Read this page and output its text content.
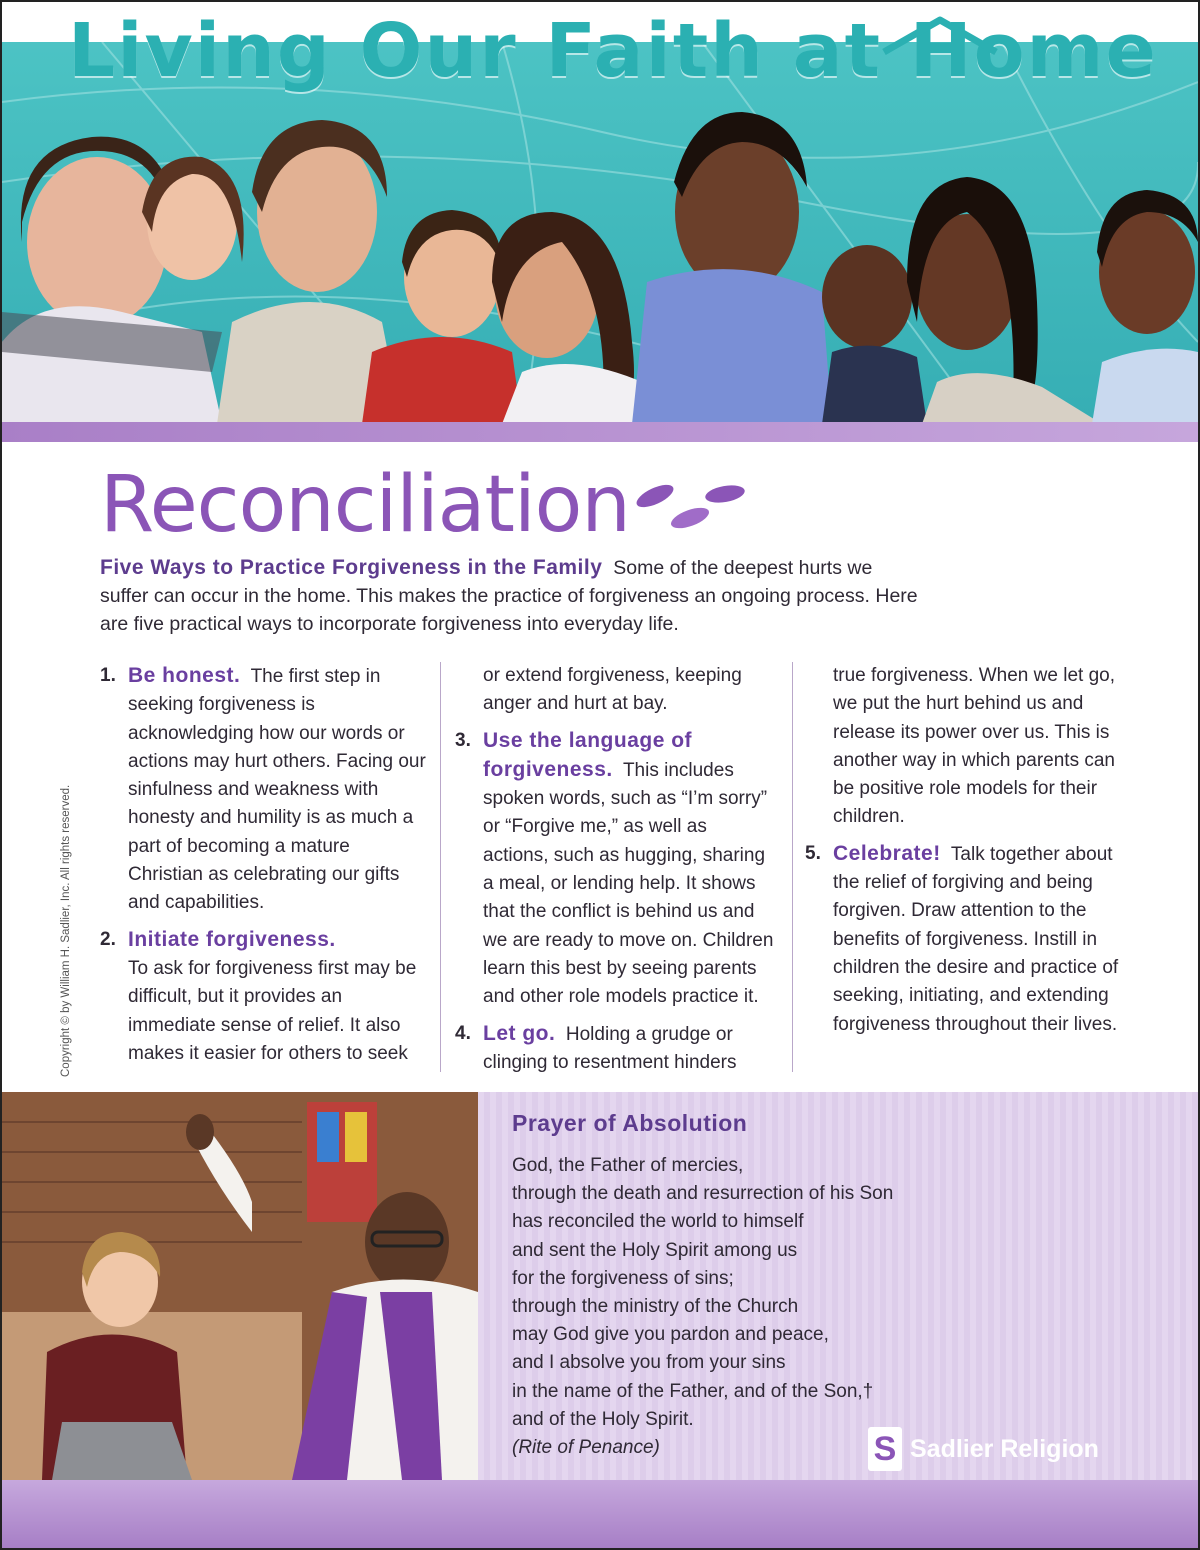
Living Our Faith at Home
Reconciliation
Five Ways to Practice Forgiveness in the Family Some of the deepest hurts we suffer can occur in the home. This makes the practice of forgiveness an ongoing process. Here are five practical ways to incorporate forgiveness into everyday life.
Copyright © by William H. Sadlier, Inc. All rights reserved.
1. Be honest. The first step in seeking forgiveness is acknowledging how our words or actions may hurt others. Facing our sinfulness and weakness with honesty and humility is as much a part of becoming a mature Christian as celebrating our gifts and capabilities.
2. Initiate forgiveness.
To ask for forgiveness first may be difficult, but it provides an immediate sense of relief. It also makes it easier for others to seek
or extend forgiveness, keeping anger and hurt at bay.
3. Use the language of forgiveness. This includes spoken words, such as “I’m sorry” or “Forgive me,” as well as actions, such as hugging, sharing a meal, or lending help. It shows that the conflict is behind us and we are ready to move on. Children learn this best by seeing parents and other role models practice it.
4. Let go. Holding a grudge or clinging to resentment hinders
true forgiveness. When we let go, we put the hurt behind us and release its power over us. This is another way in which parents can be positive role models for their children.
5. Celebrate! Talk together about the relief of forgiving and being forgiven. Draw attention to the benefits of forgiveness. Instill in children the desire and practice of seeking, initiating, and extending forgiveness throughout their lives.
Prayer of Absolution
God, the Father of mercies,
through the death and resurrection of his Son
has reconciled the world to himself
and sent the Holy Spirit among us
for the forgiveness of sins;
through the ministry of the Church
may God give you pardon and peace,
and I absolve you from your sins
in the name of the Father, and of the Son,†
and of the Holy Spirit.
(Rite of Penance)	S Sadlier Religion
